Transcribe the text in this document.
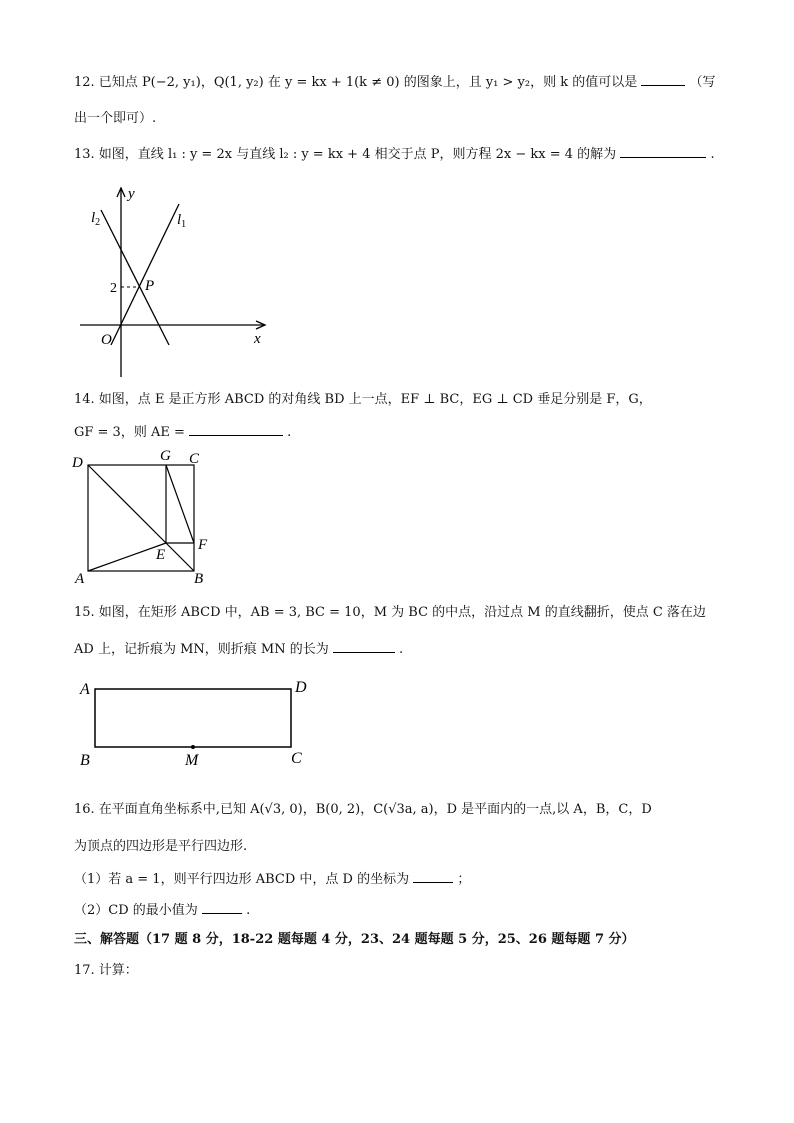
12. 已知点 P(−2, y₁)，Q(1, y₂) 在 y = kx + 1(k ≠ 0) 的图象上，且 y₁ > y₂，则 k 的值可以是	（写
出一个即可）.
13. 如图，直线 l₁ : y = 2x 与直线 l₂ : y = kx + 4 相交于点 P，则方程 2x − kx = 4 的解为	.
y
x
O
2 P
$l_2$	$l_1$
14. 如图，点 E 是正方形 ABCD 的对角线 BD 上一点，EF ⊥ BC，EG ⊥ CD 垂足分别是 F，G，
GF = 3，则 AE =	.
D	G C
E
F
A	B
15. 如图，在矩形 ABCD 中，AB = 3, BC = 10，M 为 BC 的中点，沿过点 M 的直线翻折，使点 C 落在边
AD 上，记折痕为 MN，则折痕 MN 的长为	.
A	D
B	M	C
16. 在平面直角坐标系中,已知 A(√3, 0)，B(0, 2)，C(√3a, a)，D 是平面内的一点,以 A，B，C，D
为顶点的四边形是平行四边形.
（1）若 a = 1，则平行四边形 ABCD 中，点 D 的坐标为	；
（2）CD 的最小值为	.
三、解答题（17 题 8 分，18-22 题每题 4 分，23、24 题每题 5 分，25、26 题每题 7 分）
17. 计算：
